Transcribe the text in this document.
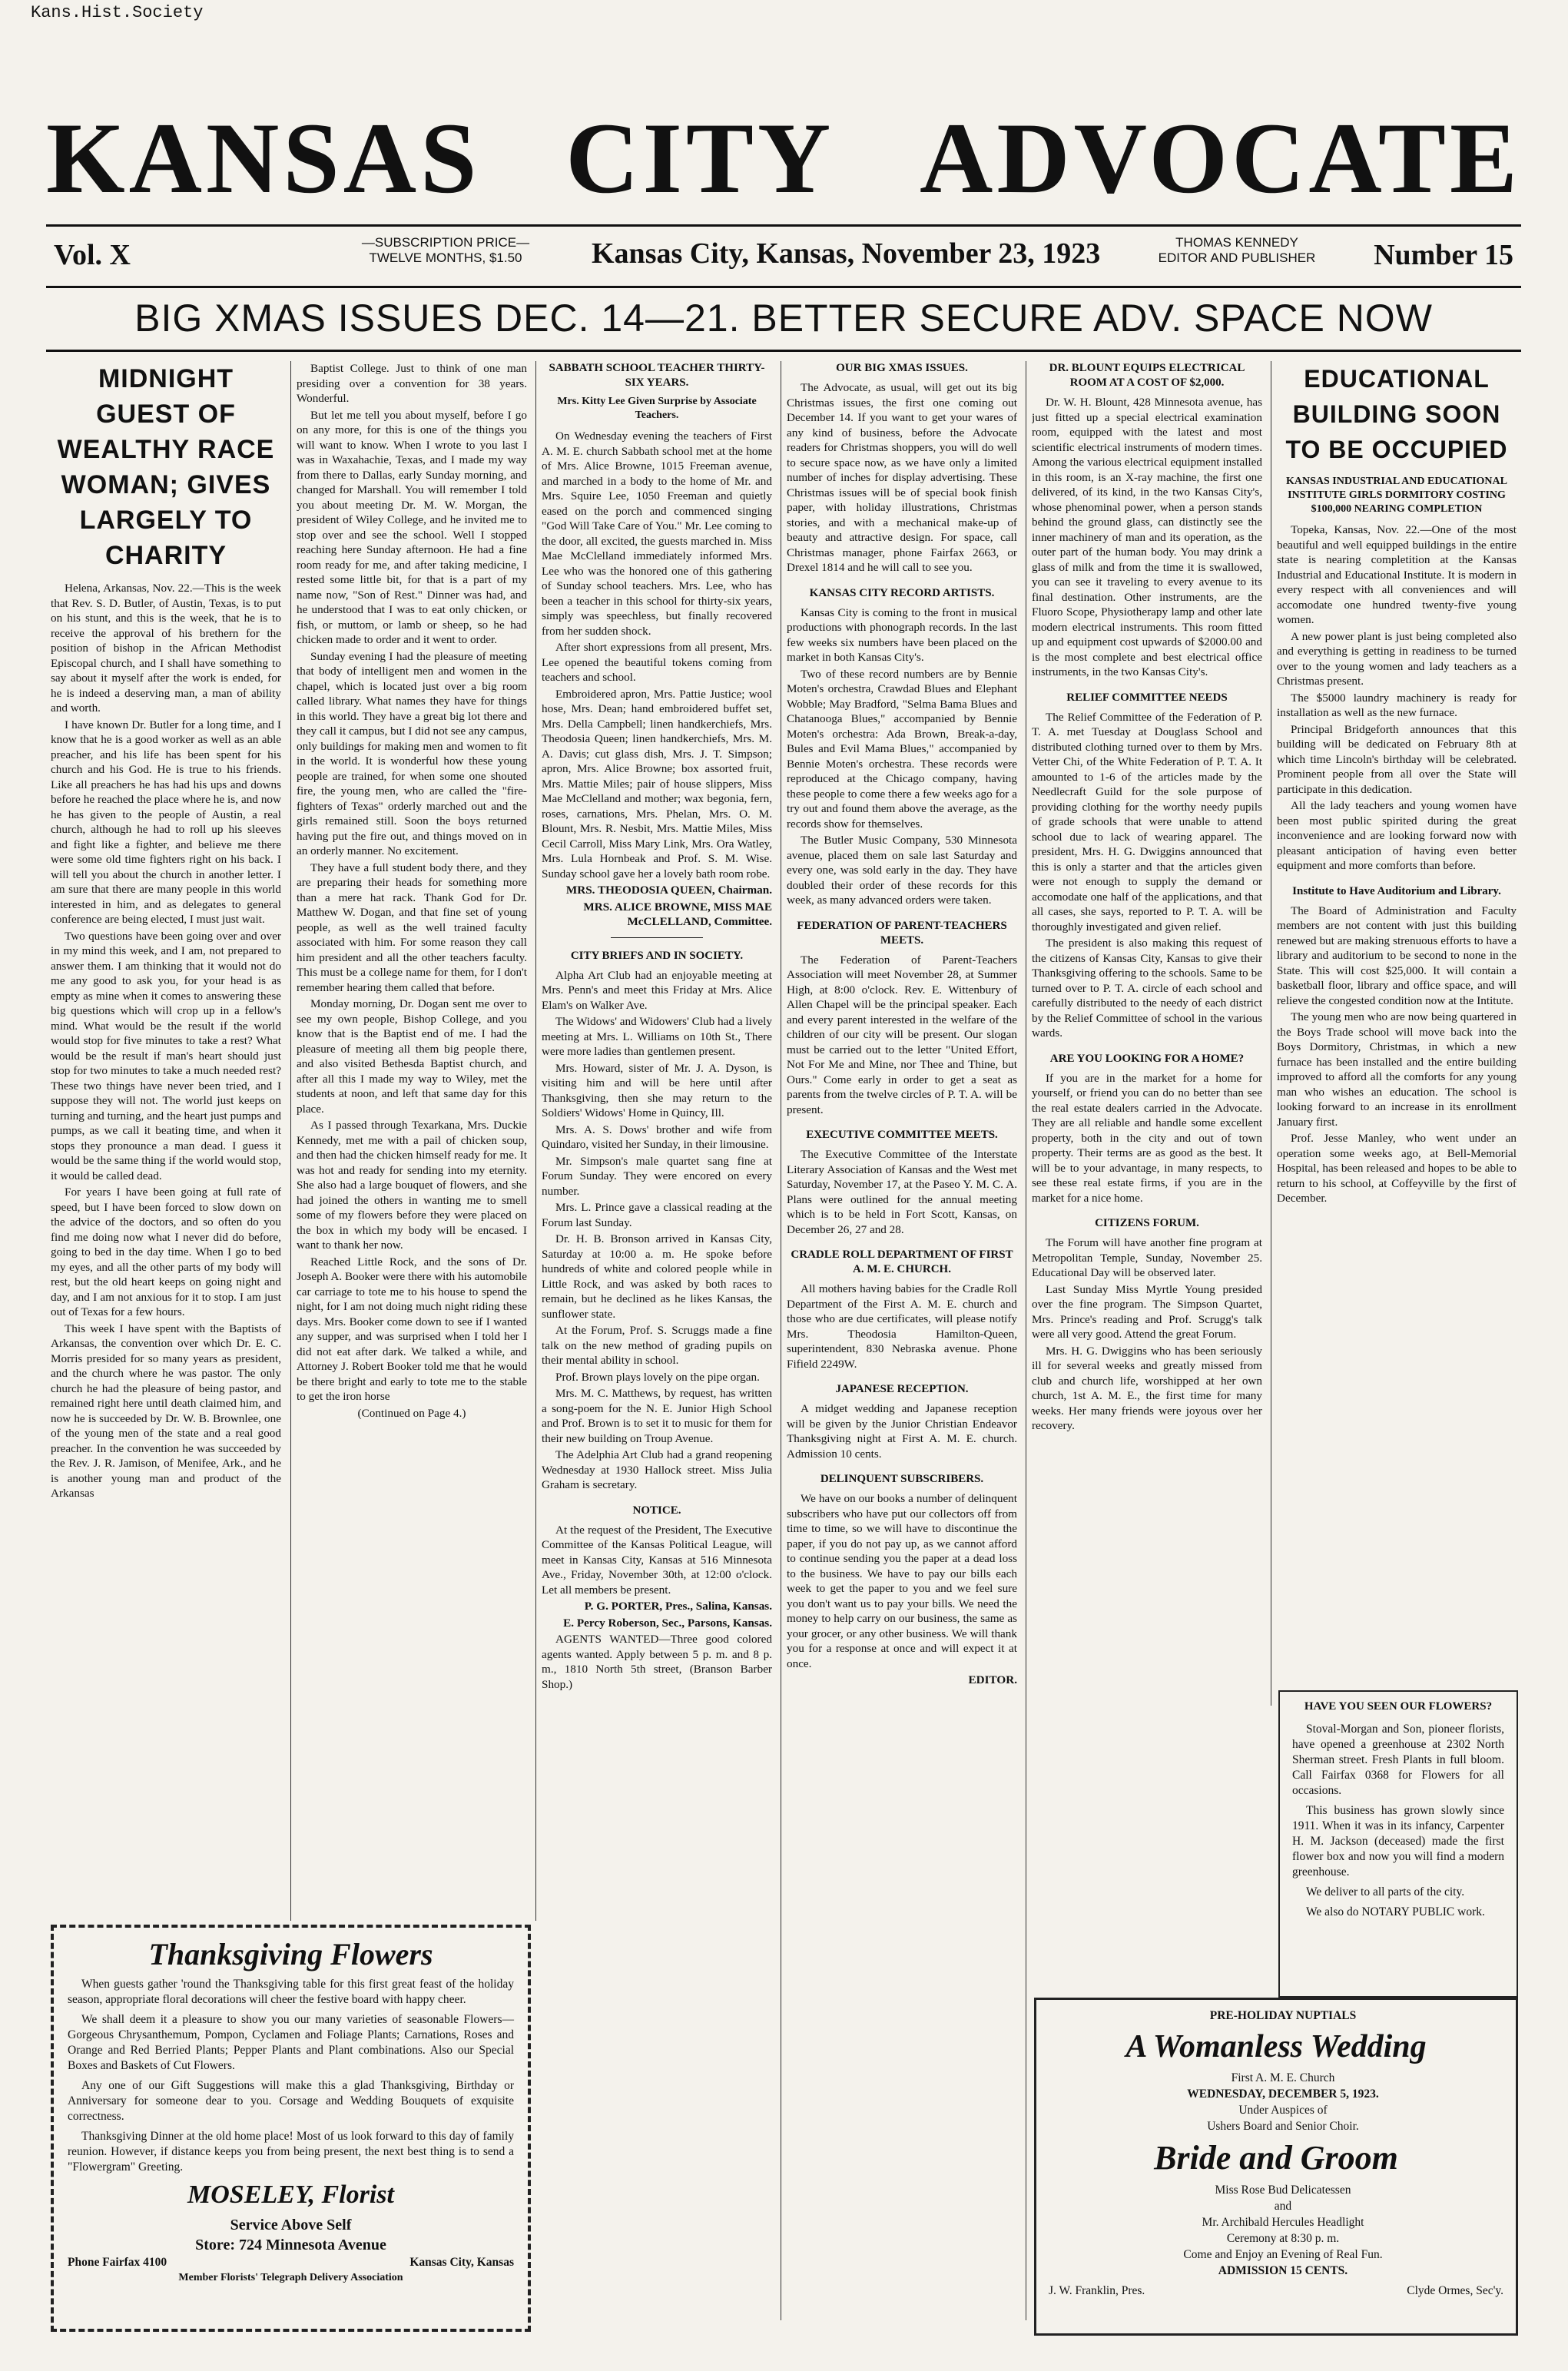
Kans.Hist.Society
KANSAS CITY ADVOCATE
Vol. X	—SUBSCRIPTION PRICE—
TWELVE MONTHS, $1.50	Kansas City, Kansas, November 23, 1923	THOMAS KENNEDY
EDITOR AND PUBLISHER	Number 15
BIG XMAS ISSUES DEC. 14—21. BETTER SECURE ADV. SPACE NOW
MIDNIGHT GUEST OF WEALTHY RACE WOMAN; GIVES LARGELY TO CHARITY

Helena, Arkansas, Nov. 22.—This is the week that Rev. S. D. Butler, of Austin, Texas, is to put on his stunt, and this is the week, that he is to receive the approval of his brethern for the position of bishop in the African Methodist Episcopal church, and I shall have something to say about it myself after the work is ended, for he is indeed a deserving man, a man of ability and worth.

I have known Dr. Butler for a long time, and I know that he is a good worker as well as an able preacher, and his life has been spent for his church and his God. He is true to his friends. Like all preachers he has had his ups and downs before he reached the place where he is, and now he has given to the people of Austin, a real church, although he had to roll up his sleeves and fight like a fighter, and believe me there were some old time fighters right on his back. I will tell you about the church in another letter. I am sure that there are many people in this world interested in him, and as delegates to general conference are being elected, I must just wait.

Two questions have been going over and over in my mind this week, and I am, not prepared to answer them. I am thinking that it would not do me any good to ask you, for your head is as empty as mine when it comes to answering these big questions which will crop up in a fellow's mind. What would be the result if the world would stop for five minutes to take a rest? What would be the result if man's heart should just stop for two minutes to take a much needed rest? These two things have never been tried, and I suppose they will not. The world just keeps on turning and turning, and the heart just pumps and pumps, as we call it beating time, and when it stops they pronounce a man dead. I guess it would be the same thing if the world would stop, it would be called dead.

For years I have been going at full rate of speed, but I have been forced to slow down on the advice of the doctors, and so often do you find me doing now what I never did do before, going to bed in the day time. When I go to bed my eyes, and all the other parts of my body will rest, but the old heart keeps on going night and day, and I am not anxious for it to stop. I am just out of Texas for a few hours.

This week I have spent with the Baptists of Arkansas, the convention over which Dr. E. C. Morris presided for so many years as president, and the church where he was pastor. The only church he had the pleasure of being pastor, and remained right here until death claimed him, and now he is succeeded by Dr. W. B. Brownlee, one of the young men of the state and a real good preacher. In the convention he was succeeded by the Rev. J. R. Jamison, of Menifee, Ark., and he is another young man and product of the Arkansas

Baptist College. Just to think of one man presiding over a convention for 38 years. Wonderful.

But let me tell you about myself, before I go on any more, for this is one of the things you will want to know. When I wrote to you last I was in Waxahachie, Texas, and I made my way from there to Dallas, early Sunday morning, and changed for Marshall. You will remember I told you about meeting Dr. M. W. Morgan, the president of Wiley College, and he invited me to stop over and see the school. Well I stopped reaching here Sunday afternoon. He had a fine room ready for me, and after taking medicine, I rested some little bit, for that is a part of my name now, "Son of Rest." Dinner was had, and he understood that I was to eat only chicken, or fish, or muttom, or lamb or sheep, so he had chicken made to order and it went to order.

Sunday evening I had the pleasure of meeting that body of intelligent men and women in the chapel, which is located just over a big room called library. What names they have for things in this world. They have a great big lot there and they call it campus, but I did not see any campus, only buildings for making men and women to fit in the world. It is wonderful how these young people are trained, for when some one shouted fire, the young men, who are called the "fire-fighters of Texas" orderly marched out and the girls remained still. Soon the boys returned having put the fire out, and things moved on in an orderly manner. No excitement.

They have a full student body there, and they are preparing their heads for something more than a mere hat rack. Thank God for Dr. Matthew W. Dogan, and that fine set of young people, as well as the well trained faculty associated with him. For some reason they call him president and all the other teachers faculty. This must be a college name for them, for I don't remember hearing them called that before.

Monday morning, Dr. Dogan sent me over to see my own people, Bishop College, and you know that is the Baptist end of me. I had the pleasure of meeting all them big people there, and also visited Bethesda Baptist church, and after all this I made my way to Wiley, met the students at noon, and left that same day for this place.

As I passed through Texarkana, Mrs. Duckie Kennedy, met me with a pail of chicken soup, and then had the chicken himself ready for me. It was hot and ready for sending into my eternity. She also had a large bouquet of flowers, and she had joined the others in wanting me to smell some of my flowers before they were placed on the box in which my body will be encased. I want to thank her now.

Reached Little Rock, and the sons of Dr. Joseph A. Booker were there with his automobile car carriage to tote me to his house to spend the night, for I am not doing much night riding these days. Mrs. Booker come down to see if I wanted any supper, and was surprised when I told her I did not eat after dark. We talked a while, and Attorney J. Robert Booker told me that he would be there bright and early to tote me to the stable to get the iron horse

(Continued on Page 4.)

SABBATH SCHOOL TEACHER THIRTY-SIX YEARS.
Mrs. Kitty Lee Given Surprise by Associate Teachers.

On Wednesday evening the teachers of First A. M. E. church Sabbath school met at the home of Mrs. Alice Browne, 1015 Freeman avenue, and marched in a body to the home of Mr. and Mrs. Squire Lee, 1050 Freeman and quietly eased on the porch and commenced singing "God Will Take Care of You." Mr. Lee coming to the door, all excited, the guests marched in. Miss Mae McClelland immediately informed Mrs. Lee who was the honored one of this gathering of Sunday school teachers. Mrs. Lee, who has been a teacher in this school for thirty-six years, simply was speechless, but finally recovered from her sudden shock.

After short expressions from all present, Mrs. Lee opened the beautiful tokens coming from teachers and school.

Embroidered apron, Mrs. Pattie Justice; wool hose, Mrs. Dean; hand embroidered buffet set, Mrs. Della Campbell; linen handkerchiefs, Mrs. Theodosia Queen; linen handkerchiefs, Mrs. M. A. Davis; cut glass dish, Mrs. J. T. Simpson; apron, Mrs. Alice Browne; box assorted fruit, Mrs. Mattie Miles; pair of house slippers, Miss Mae McClelland and mother; wax begonia, fern, roses, carnations, Mrs. Phelan, Mrs. O. M. Blount, Mrs. R. Nesbit, Mrs. Mattie Miles, Miss Cecil Carroll, Miss Mary Link, Mrs. Ora Watley, Mrs. Lula Hornbeak and Prof. S. M. Wise. Sunday school gave her a lovely bath room robe.

MRS. THEODOSIA QUEEN, Chairman.

MRS. ALICE BROWNE, MISS MAE McCLELLAND, Committee.

CITY BRIEFS AND IN SOCIETY.

Alpha Art Club had an enjoyable meeting at Mrs. Penn's and meet this Friday at Mrs. Alice Elam's on Walker Ave.

The Widows' and Widowers' Club had a lively meeting at Mrs. L. Williams on 10th St., There were more ladies than gentlemen present.

Mrs. Howard, sister of Mr. J. A. Dyson, is visiting him and will be here until after Thanksgiving, then she may return to the Soldiers' Widows' Home in Quincy, Ill.

Mrs. A. S. Dows' brother and wife from Quindaro, visited her Sunday, in their limousine.

Mr. Simpson's male quartet sang fine at Forum Sunday. They were encored on every number.

Mrs. L. Prince gave a classical reading at the Forum last Sunday.

Dr. H. B. Bronson arrived in Kansas City, Saturday at 10:00 a. m. He spoke before hundreds of white and colored people while in Little Rock, and was asked by both races to remain, but he declined as he likes Kansas, the sunflower state.

At the Forum, Prof. S. Scruggs made a fine talk on the new method of grading pupils on their mental ability in school.

Prof. Brown plays lovely on the pipe organ.

Mrs. M. C. Matthews, by request, has written a song-poem for the N. E. Junior High School and Prof. Brown is to set it to music for them for their new building on Troup Avenue.

The Adelphia Art Club had a grand reopening Wednesday at 1930 Hallock street. Miss Julia Graham is secretary.

NOTICE.

At the request of the President, The Executive Committee of the Kansas Political League, will meet in Kansas City, Kansas at 516 Minnesota Ave., Friday, November 30th, at 12:00 o'clock. Let all members be present.

P. G. PORTER, Pres., Salina, Kansas.

E. Percy Roberson, Sec., Parsons, Kansas.

AGENTS WANTED—Three good colored agents wanted. Apply between 5 p. m. and 8 p. m., 1810 North 5th street, (Branson Barber Shop.)

OUR BIG XMAS ISSUES.

The Advocate, as usual, will get out its big Christmas issues, the first one coming out December 14. If you want to get your wares of any kind of business, before the Advocate readers for Christmas shoppers, you will do well to secure space now, as we have only a limited number of inches for display advertising. These Christmas issues will be of special book finish paper, with holiday illustrations, Christmas stories, and with a mechanical make-up of beauty and attractive design. For space, call Christmas manager, phone Fairfax 2663, or Drexel 1814 and he will call to see you.

KANSAS CITY RECORD ARTISTS.

Kansas City is coming to the front in musical productions with phonograph records. In the last few weeks six numbers have been placed on the market in both Kansas City's.

Two of these record numbers are by Bennie Moten's orchestra, Crawdad Blues and Elephant Wobble; May Bradford, "Selma Bama Blues and Chatanooga Blues," accompanied by Bennie Moten's orchestra: Ada Brown, Break-a-day, Bules and Evil Mama Blues," accompanied by Bennie Moten's orchestra. These records were reproduced at the Chicago company, having these people to come there a few weeks ago for a try out and found them above the average, as the records show for themselves.

The Butler Music Company, 530 Minnesota avenue, placed them on sale last Saturday and every one, was sold early in the day. They have doubled their order of these records for this week, as many advanced orders were taken.

FEDERATION OF PARENT-TEACHERS MEETS.

The Federation of Parent-Teachers Association will meet November 28, at Summer High, at 8:00 o'clock. Rev. E. Wittenbury of Allen Chapel will be the principal speaker. Each and every parent interested in the welfare of the children of our city will be present. Our slogan must be carried out to the letter "United Effort, Not For Me and Mine, nor Thee and Thine, but Ours." Come early in order to get a seat as parents from the twelve circles of P. T. A. will be present.

EXECUTIVE COMMITTEE MEETS.

The Executive Committee of the Interstate Literary Association of Kansas and the West met Saturday, November 17, at the Paseo Y. M. C. A. Plans were outlined for the annual meeting which is to be held in Fort Scott, Kansas, on December 26, 27 and 28.

CRADLE ROLL DEPARTMENT OF FIRST A. M. E. CHURCH.

All mothers having babies for the Cradle Roll Department of the First A. M. E. church and those who are due certificates, will please notify Mrs. Theodosia Hamilton-Queen, superintendent, 830 Nebraska avenue. Phone Fifield 2249W.

JAPANESE RECEPTION.

A midget wedding and Japanese reception will be given by the Junior Christian Endeavor Thanksgiving night at First A. M. E. church. Admission 10 cents.

DELINQUENT SUBSCRIBERS.

We have on our books a number of delinquent subscribers who have put our collectors off from time to time, so we will have to discontinue the paper, if you do not pay up, as we cannot afford to continue sending you the paper at a dead loss to the business. We have to pay our bills each week to get the paper to you and we feel sure you don't want us to pay your bills. We need the money to help carry on our business, the same as your grocer, or any other business. We will thank you for a response at once and will expect it at once.

EDITOR.

DR. BLOUNT EQUIPS ELECTRICAL ROOM AT A COST OF $2,000.

Dr. W. H. Blount, 428 Minnesota avenue, has just fitted up a special electrical examination room, equipped with the latest and most scientific electrical instruments of modern times. Among the various electrical equipment installed in this room, is an X-ray machine, the first one delivered, of its kind, in the two Kansas City's, whose phenominal power, when a person stands behind the ground glass, can distinctly see the inner machinery of man and its operation, as the outer part of the human body. You may drink a glass of milk and from the time it is swallowed, you can see it traveling to every avenue to its final destination. Other instruments, are the Fluoro Scope, Physiotherapy lamp and other late modern electrical instruments. This room fitted up and equipment cost upwards of $2000.00 and is the most complete and best electrical office instruments, in the two Kansas City's.

RELIEF COMMITTEE NEEDS

The Relief Committee of the Federation of P. T. A. met Tuesday at Douglass School and distributed clothing turned over to them by Mrs. Vetter Chi, of the White Federation of P. T. A. It amounted to 1-6 of the articles made by the Needlecraft Guild for the sole purpose of providing clothing for the worthy needy pupils of grade schools that were unable to attend school due to lack of wearing apparel. The president, Mrs. H. G. Dwiggins announced that this is only a starter and that the articles given were not enough to supply the demand or accomodate one half of the applications, and that all cases, she says, reported to P. T. A. will be thoroughly investigated and given relief.

The president is also making this request of the citizens of Kansas City, Kansas to give their Thanksgiving offering to the schools. Same to be turned over to P. T. A. circle of each school and carefully distributed to the needy of each district by the Relief Committee of school in the various wards.

ARE YOU LOOKING FOR A HOME?

If you are in the market for a home for yourself, or friend you can do no better than see the real estate dealers carried in the Advocate. They are all reliable and handle some excellent property, both in the city and out of town property. Their terms are as good as the best. It will be to your advantage, in many respects, to see these real estate firms, if you are in the market for a nice home.

CITIZENS FORUM.

The Forum will have another fine program at Metropolitan Temple, Sunday, November 25. Educational Day will be observed later.

Last Sunday Miss Myrtle Young presided over the fine program. The Simpson Quartet, Mrs. Prince's reading and Prof. Scrugg's talk were all very good. Attend the great Forum.

Mrs. H. G. Dwiggins who has been seriously ill for several weeks and greatly missed from club and church life, worshipped at her own church, 1st A. M. E., the first time for many weeks. Her many friends were joyous over her recovery.

EDUCATIONAL BUILDING SOON TO BE OCCUPIED
KANSAS INDUSTRIAL AND EDUCATIONAL INSTITUTE GIRLS DORMITORY COSTING $100,000 NEARING COMPLETION

Topeka, Kansas, Nov. 22.—One of the most beautiful and well equipped buildings in the entire state is nearing completition at the Kansas Industrial and Educational Institute. It is modern in every respect with all conveniences and will accomodate one hundred twenty-five young women.

A new power plant is just being completed also and everything is getting in readiness to be turned over to the young women and lady teachers as a Christmas present.

The $5000 laundry machinery is ready for installation as well as the new furnace.

Principal Bridgeforth announces that this building will be dedicated on February 8th at which time Lincoln's birthday will be celebrated. Prominent people from all over the State will participate in this dedication.

All the lady teachers and young women have been most public spirited during the great inconvenience and are looking forward now with pleasant anticipation of having even better equipment and more comforts than before.

Institute to Have Auditorium and Library.

The Board of Administration and Faculty members are not content with just this building renewed but are making strenuous efforts to have a library and auditorium to be second to none in the State. This will cost $25,000. It will contain a basketball floor, library and office space, and will relieve the congested condition now at the Intitute.

The young men who are now being quartered in the Boys Trade school will move back into the Boys Dormitory, Christmas, in which a new furnace has been installed and the entire building improved to afford all the comforts for any young man who wishes an education. The school is looking forward to an increase in its enrollment January first.

Prof. Jesse Manley, who went under an operation some weeks ago, at Bell-Memorial Hospital, has been released and hopes to be able to return to his school, at Coffeyville by the first of December.

HAVE YOU SEEN OUR FLOWERS?

Stoval-Morgan and Son, pioneer florists, have opened a greenhouse at 2302 North Sherman street. Fresh Plants in full bloom. Call Fairfax 0368 for Flowers for all occasions.

This business has grown slowly since 1911. When it was in its infancy, Carpenter H. M. Jackson (deceased) made the first flower box and now you will find a modern greenhouse.

We deliver to all parts of the city.

We also do NOTARY PUBLIC work.

Thanksgiving Flowers

When guests gather 'round the Thanksgiving table for this first great feast of the holiday season, appropriate floral decorations will cheer the festive board with happy cheer.

We shall deem it a pleasure to show you our many varieties of seasonable Flowers—Gorgeous Chrysanthemum, Pompon, Cyclamen and Foliage Plants; Carnations, Roses and Orange and Red Berried Plants; Pepper Plants and Plant combinations. Also our Special Boxes and Baskets of Cut Flowers.

Any one of our Gift Suggestions will make this a glad Thanksgiving, Birthday or Anniversary for someone dear to you. Corsage and Wedding Bouquets of exquisite correctness.

Thanksgiving Dinner at the old home place! Most of us look forward to this day of family reunion. However, if distance keeps you from being present, the next best thing is to send a "Flowergram" Greeting.

MOSELEY, Florist

Service Above Self

Store: 724 Minnesota Avenue

Phone Fairfax 4100	Kansas City, Kansas

Member Florists' Telegraph Delivery Association

PRE-HOLIDAY NUPTIALS

A Womanless Wedding

First A. M. E. Church

WEDNESDAY, DECEMBER 5, 1923.

Under Auspices of

Ushers Board and Senior Choir.

Bride and Groom

Miss Rose Bud Delicatessen

and

Mr. Archibald Hercules Headlight

Ceremony at 8:30 p. m.

Come and Enjoy an Evening of Real Fun.

ADMISSION 15 CENTS.

J. W. Franklin, Pres.	Clyde Ormes, Sec'y.
